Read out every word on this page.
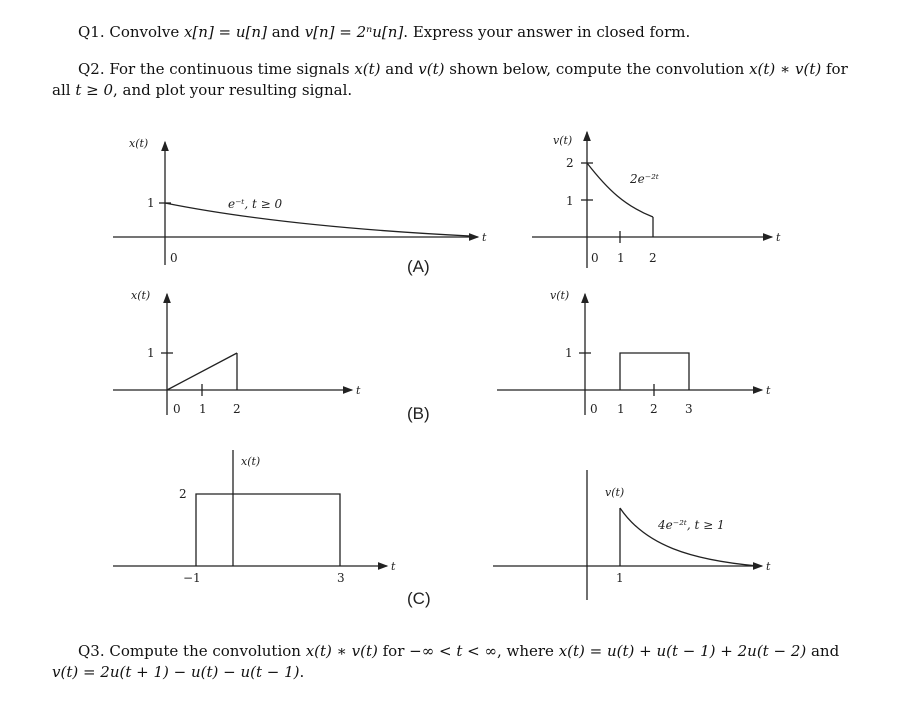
Q1. Convolve x[n] = u[n] and v[n] = 2ⁿu[n]. Express your answer in closed form.

Q2. For the continuous time signals x(t) and v(t) shown below, compute the convolution x(t) ∗ v(t) for all t ≥ 0, and plot your resulting signal.

x(t)
1
0
e⁻ᵗ, t ≥ 0
t
v(t)
2
1
0 1 2
2e⁻²ᵗ
t
(A)
x(t)
1
0 1 2
t
v(t)
1
0 1 2 3
t
(B)
x(t)
2
−1	3
t
v(t)
1
4e⁻²ᵗ, t ≥ 1
t
(C)

Q3. Compute the convolution x(t) ∗ v(t) for −∞ < t < ∞, where x(t) = u(t) + u(t − 1) + 2u(t − 2) and v(t) = 2u(t + 1) − u(t) − u(t − 1).
